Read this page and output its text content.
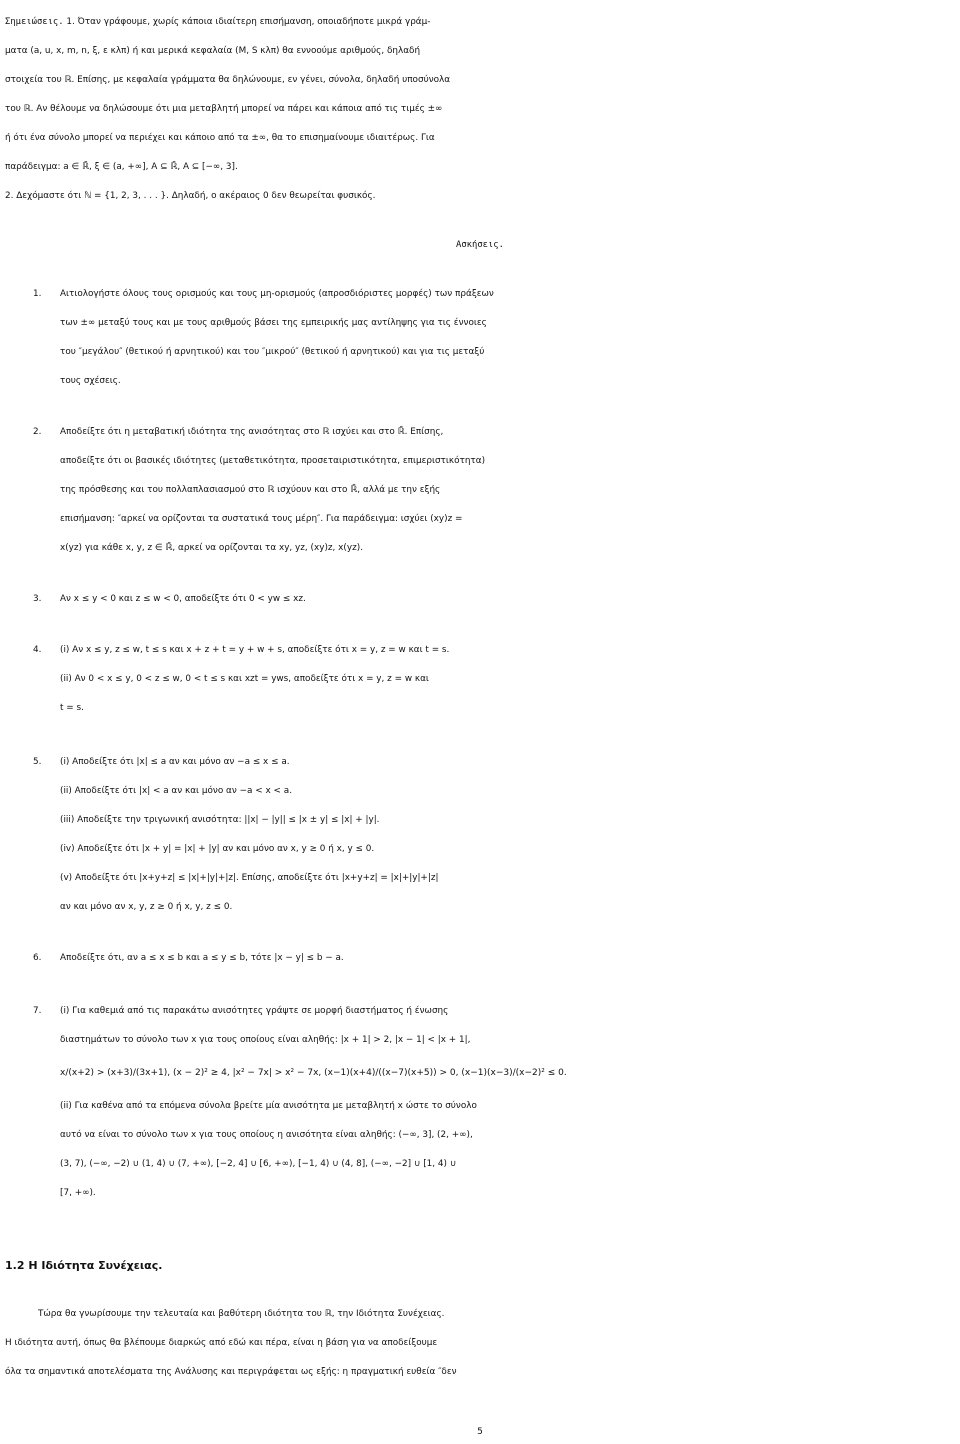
Σημειώσεις. 1. Όταν γράφουμε, χωρίς κάποια ιδιαίτερη επισήμανση, οποιαδήποτε μικρά γράμ-
ματα (a, u, x, m, n, ξ, ε κλπ) ή και μερικά κεφαλαία (M, S κλπ) θα εννοούμε αριθμούς, δηλαδή
στοιχεία του ℝ. Επίσης, με κεφαλαία γράμματα θα δηλώνουμε, εν γένει, σύνολα, δηλαδή υποσύνολα
του ℝ. Αν θέλουμε να δηλώσουμε ότι μια μεταβλητή μπορεί να πάρει και κάποια από τις τιμές ±∞
ή ότι ένα σύνολο μπορεί να περιέχει και κάποιο από τα ±∞, θα το επισημαίνουμε ιδιαιτέρως. Για
παράδειγμα: a ∈ ℝ̄, ξ ∈ (a, +∞], A ⊆ ℝ̄, A ⊆ [−∞, 3].
2. Δεχόμαστε ότι ℕ = {1, 2, 3, . . . }. Δηλαδή, ο ακέραιος 0 δεν θεωρείται φυσικός.
Ασκήσεις.
1. Αιτιολογήστε όλους τους ορισμούς και τους μη-ορισμούς (απροσδιόριστες μορφές) των πράξεων
των ±∞ μεταξύ τους και με τους αριθμούς βάσει της εμπειρικής μας αντίληψης για τις έννοιες
του ″μεγάλου″ (θετικού ή αρνητικού) και του ″μικρού″ (θετικού ή αρνητικού) και για τις μεταξύ
τους σχέσεις.
2. Αποδείξτε ότι η μεταβατική ιδιότητα της ανισότητας στο ℝ ισχύει και στο ℝ̄. Επίσης,
αποδείξτε ότι οι βασικές ιδιότητες (μεταθετικότητα, προσεταιριστικότητα, επιμεριστικότητα)
της πρόσθεσης και του πολλαπλασιασμού στο ℝ ισχύουν και στο ℝ̄, αλλά με την εξής
επισήμανση: ″αρκεί να ορίζονται τα συστατικά τους μέρη″. Για παράδειγμα: ισχύει (xy)z =
x(yz) για κάθε x, y, z ∈ ℝ̄, αρκεί να ορίζονται τα xy, yz, (xy)z, x(yz).
3. Αν x ≤ y < 0 και z ≤ w < 0, αποδείξτε ότι 0 < yw ≤ xz.
4. (i) Αν x ≤ y, z ≤ w, t ≤ s και x + z + t = y + w + s, αποδείξτε ότι x = y, z = w και t = s.
(ii) Αν 0 < x ≤ y, 0 < z ≤ w, 0 < t ≤ s και xzt = yws, αποδείξτε ότι x = y, z = w και
t = s.
5. (i) Αποδείξτε ότι |x| ≤ a αν και μόνο αν −a ≤ x ≤ a.
(ii) Αποδείξτε ότι |x| < a αν και μόνο αν −a < x < a.
(iii) Αποδείξτε την τριγωνική ανισότητα: ||x| − |y|| ≤ |x ± y| ≤ |x| + |y|.
(iv) Αποδείξτε ότι |x + y| = |x| + |y| αν και μόνο αν x, y ≥ 0 ή x, y ≤ 0.
(v) Αποδείξτε ότι |x+y+z| ≤ |x|+|y|+|z|. Επίσης, αποδείξτε ότι |x+y+z| = |x|+|y|+|z|
αν και μόνο αν x, y, z ≥ 0 ή x, y, z ≤ 0.
6. Αποδείξτε ότι, αν a ≤ x ≤ b και a ≤ y ≤ b, τότε |x − y| ≤ b − a.
7. (i) Για καθεμιά από τις παρακάτω ανισότητες γράψτε σε μορφή διαστήματος ή ένωσης
διαστημάτων το σύνολο των x για τους οποίους είναι αληθής: |x + 1| > 2, |x − 1| < |x + 1|,
x/(x+2) > (x+3)/(3x+1), (x − 2)² ≥ 4, |x² − 7x| > x² − 7x, (x−1)(x+4)/((x−7)(x+5)) > 0, (x−1)(x−3)/(x−2)² ≤ 0.
(ii) Για καθένα από τα επόμενα σύνολα βρείτε μία ανισότητα με μεταβλητή x ώστε το σύνολο
αυτό να είναι το σύνολο των x για τους οποίους η ανισότητα είναι αληθής: (−∞, 3], (2, +∞),
(3, 7), (−∞, −2) ∪ (1, 4) ∪ (7, +∞), [−2, 4] ∪ [6, +∞), [−1, 4) ∪ (4, 8], (−∞, −2] ∪ [1, 4) ∪
[7, +∞).
1.2 Η Ιδιότητα Συνέχειας.
Τώρα θα γνωρίσουμε την τελευταία και βαθύτερη ιδιότητα του ℝ, την Ιδιότητα Συνέχειας.
Η ιδιότητα αυτή, όπως θα βλέπουμε διαρκώς από εδώ και πέρα, είναι η βάση για να αποδείξουμε
όλα τα σημαντικά αποτελέσματα της Ανάλυσης και περιγράφεται ως εξής: η πραγματική ευθεία ″δεν
5
